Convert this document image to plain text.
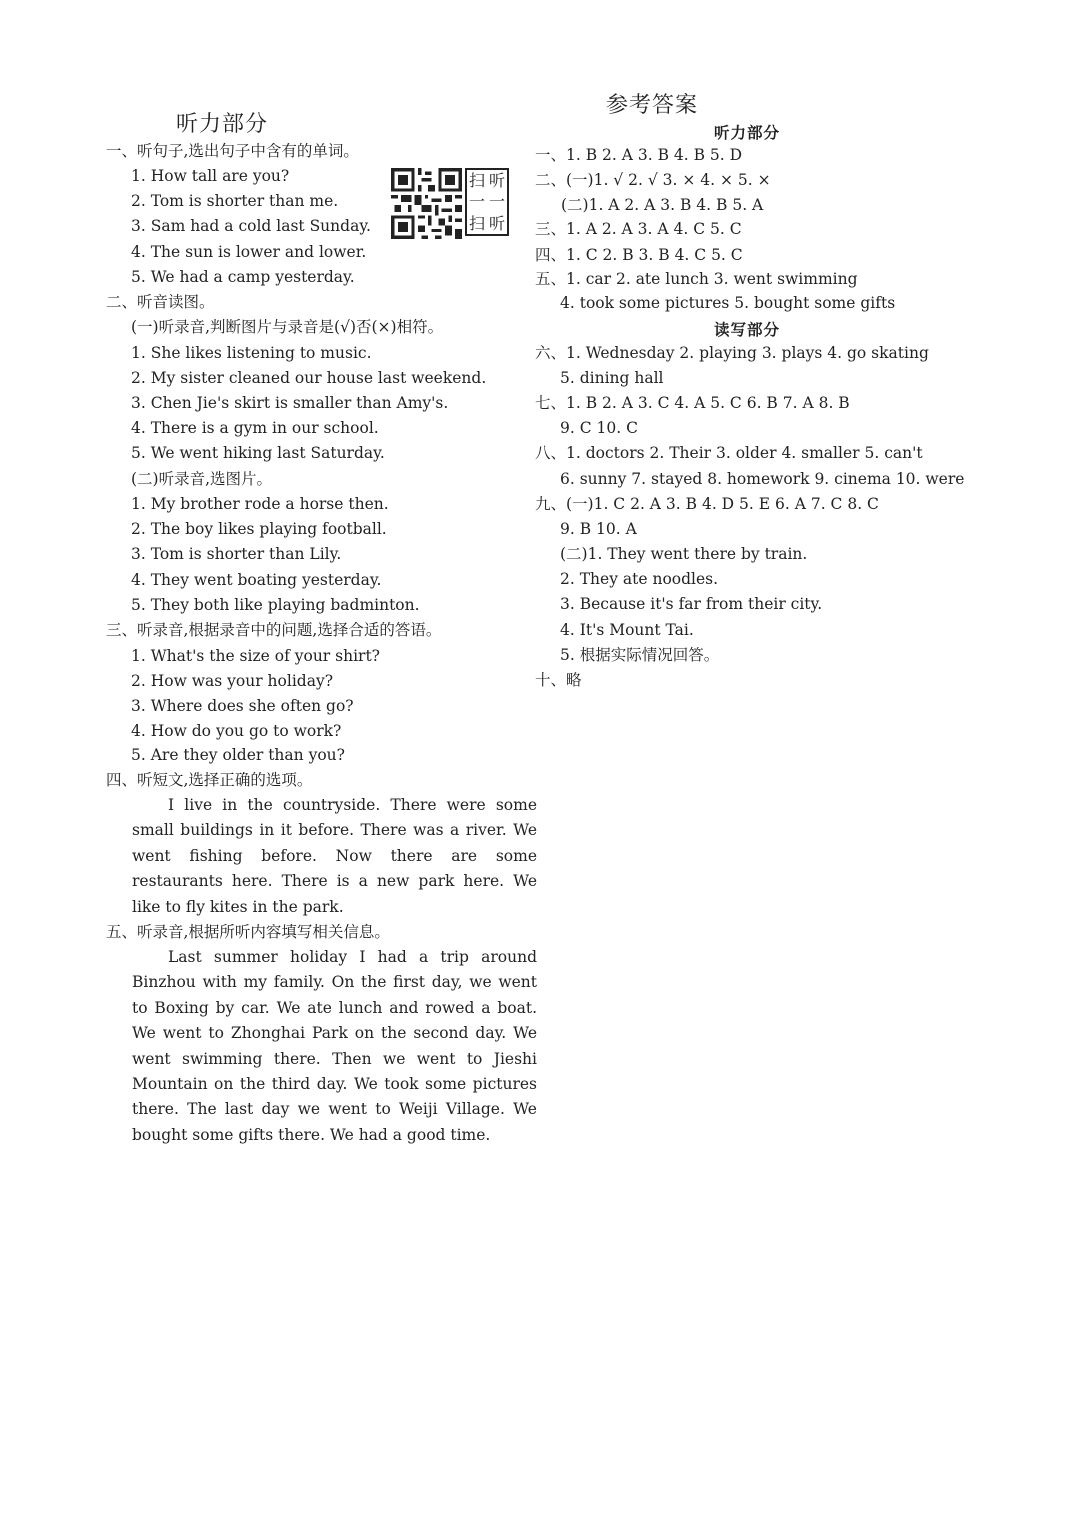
听力部分
扫 听
一 一
扫 听
一、听句子,选出句子中含有的单词。
1. How tall are you?
2. Tom is shorter than me.
3. Sam had a cold last Sunday.
4. The sun is lower and lower.
5. We had a camp yesterday.
二、听音读图。
(一)听录音,判断图片与录音是(√)否(×)相符。
1. She likes listening to music.
2. My sister cleaned our house last weekend.
3. Chen Jie's skirt is smaller than Amy's.
4. There is a gym in our school.
5. We went hiking last Saturday.
(二)听录音,选图片。
1. My brother rode a horse then.
2. The boy likes playing football.
3. Tom is shorter than Lily.
4. They went boating yesterday.
5. They both like playing badminton.
三、听录音,根据录音中的问题,选择合适的答语。
1. What's the size of your shirt?
2. How was your holiday?
3. Where does she often go?
4. How do you go to work?
5. Are they older than you?
四、听短文,选择正确的选项。
I live in the countryside. There were some small buildings in it before. There was a river. We went fishing before. Now there are some restaurants here. There is a new park here. We like to fly kites in the park.
五、听录音,根据所听内容填写相关信息。
Last summer holiday I had a trip around Binzhou with my family. On the first day, we went to Boxing by car. We ate lunch and rowed a boat. We went to Zhonghai Park on the second day. We went swimming there. Then we went to Jieshi Mountain on the third day. We took some pictures there. The last day we went to Weiji Village. We bought some gifts there. We had a good time.
参考答案
听力部分
一、1. B 2. A 3. B 4. B 5. D
二、(一)1. √ 2. √ 3. × 4. × 5. ×
(二)1. A 2. A 3. B 4. B 5. A
三、1. A 2. A 3. A 4. C 5. C
四、1. C 2. B 3. B 4. C 5. C
五、1. car 2. ate lunch 3. went swimming
4. took some pictures 5. bought some gifts
读写部分
六、1. Wednesday 2. playing 3. plays 4. go skating
5. dining hall
七、1. B 2. A 3. C 4. A 5. C 6. B 7. A 8. B
9. C 10. C
八、1. doctors 2. Their 3. older 4. smaller 5. can't
6. sunny 7. stayed 8. homework 9. cinema 10. were
九、(一)1. C 2. A 3. B 4. D 5. E 6. A 7. C 8. C
9. B 10. A
(二)1. They went there by train.
2. They ate noodles.
3. Because it's far from their city.
4. It's Mount Tai.
5. 根据实际情况回答。
十、略
